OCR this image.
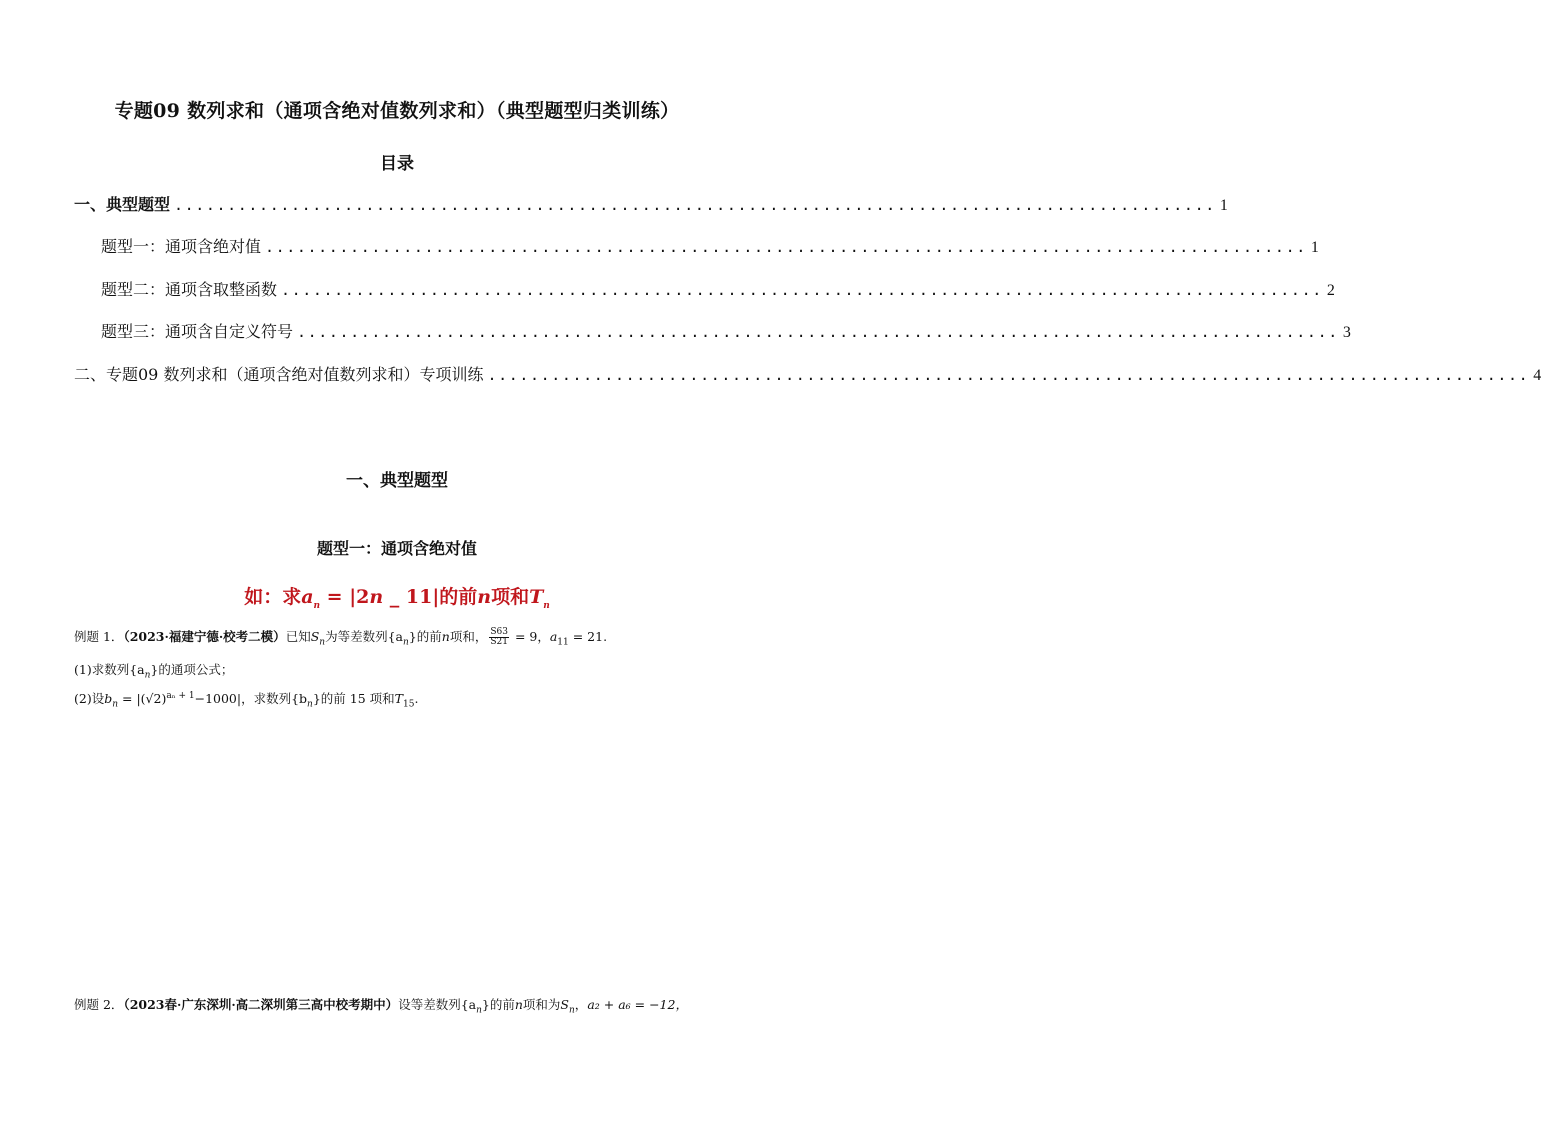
专题09 数列求和（通项含绝对值数列求和）（典型题型归类训练）
目录
一、典型题型 .................................................................................................. 1
题型一：通项含绝对值 .................................................................................................. 1
题型二：通项含取整函数 .................................................................................................. 2
题型三：通项含自定义符号 .................................................................................................. 3
二、专题09 数列求和（通项含绝对值数列求和）专项训练 .................................................................................................. 4
一、典型题型
题型一：通项含绝对值
如：求$a_n = |2n$ _ 11|的前n项和$T_n$
例题 1．（2023·福建宁德·校考二模）已知$S_n$为等差数列$\{a_n\}$的前n项和， $\frac{S63}{S21} = 9$，$a_{11} = 21$.
(1)求数列$\{a_n\}$的通项公式；
(2)设$b_n = |(√2)^{a_n + 1}-1000|$，求数列$\{b_n\}$的前 15 项和$T_{15}$.
例题 2．（2023春·广东深圳·高二深圳第三高中校考期中）设等差数列$\{a_n\}$的前n项和为$S_n$，a₂ + a₆ = −12，
